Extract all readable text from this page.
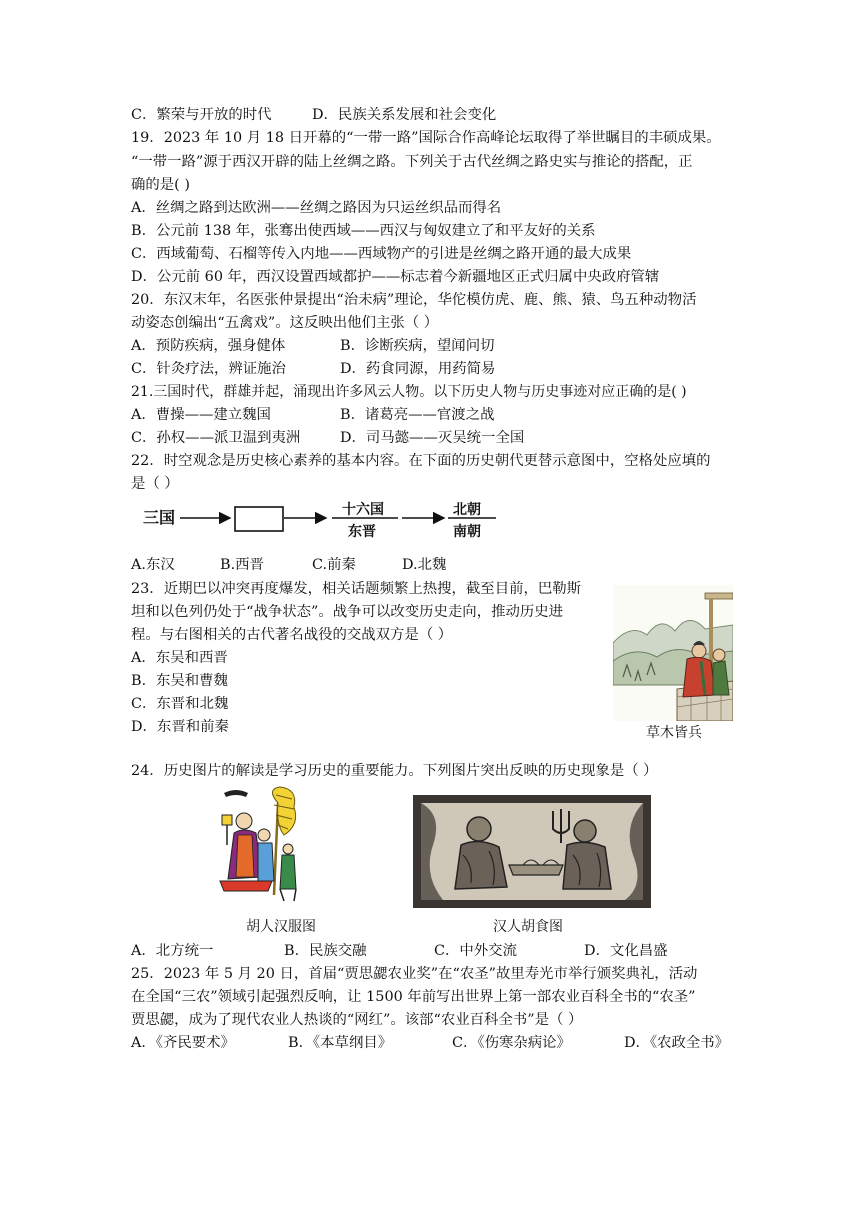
C．繁荣与开放的时代	D．民族关系发展和社会变化
19．2023 年 10 月 18 日开幕的“一带一路”国际合作高峰论坛取得了举世瞩目的丰硕成果。
“一带一路”源于西汉开辟的陆上丝绸之路。下列关于古代丝绸之路史实与推论的搭配，正
确的是( )
A．丝绸之路到达欧洲——丝绸之路因为只运丝织品而得名
B．公元前 138 年，张骞出使西域——西汉与匈奴建立了和平友好的关系
C．西域葡萄、石榴等传入内地——西域物产的引进是丝绸之路开通的最大成果
D．公元前 60 年，西汉设置西域都护——标志着今新疆地区正式归属中央政府管辖
20．东汉末年，名医张仲景提出“治未病”理论，华佗模仿虎、鹿、熊、猿、鸟五种动物活
动姿态创编出“五禽戏”。这反映出他们主张（ ）
A．预防疾病，强身健体	B．诊断疾病，望闻问切
C．针灸疗法，辨证施治	D．药食同源，用药简易
21.三国时代，群雄并起，涌现出许多风云人物。以下历史人物与历史事迹对应正确的是( )
A．曹操——建立魏国	B．诸葛亮——官渡之战
C．孙权——派卫温到夷洲	D．司马懿——灭吴统一全国
22．时空观念是历史核心素养的基本内容。在下面的历史朝代更替示意图中，空格处应填的
是（ ）
三国	十六国
东晋
北朝
南朝
A.东汉	B.西晋	C.前秦	D.北魏
23．近期巴以冲突再度爆发，相关话题频繁上热搜，截至目前，巴勒斯
坦和以色列仍处于“战争状态”。战争可以改变历史走向，推动历史进
程。与右图相关的古代著名战役的交战双方是（ ）
A．东吴和西晋
B．东吴和曹魏
C．东晋和北魏
D．东晋和前秦	草木皆兵
24．历史图片的解读是学习历史的重要能力。下列图片突出反映的历史现象是（ ）
胡人汉服图	汉人胡食图
A．北方统一	B．民族交融	C．中外交流	D．文化昌盛
25．2023 年 5 月 20 日，首届“贾思勰农业奖”在“农圣”故里寿光市举行颁奖典礼，活动
在全国“三农”领域引起强烈反响，让 1500 年前写出世界上第一部农业百科全书的“农圣”
贾思勰，成为了现代农业人热谈的“网红”。该部“农业百科全书”是（ ）
A．《齐民要术》	B．《本草纲目》	C．《伤寒杂病论》	D．《农政全书》
